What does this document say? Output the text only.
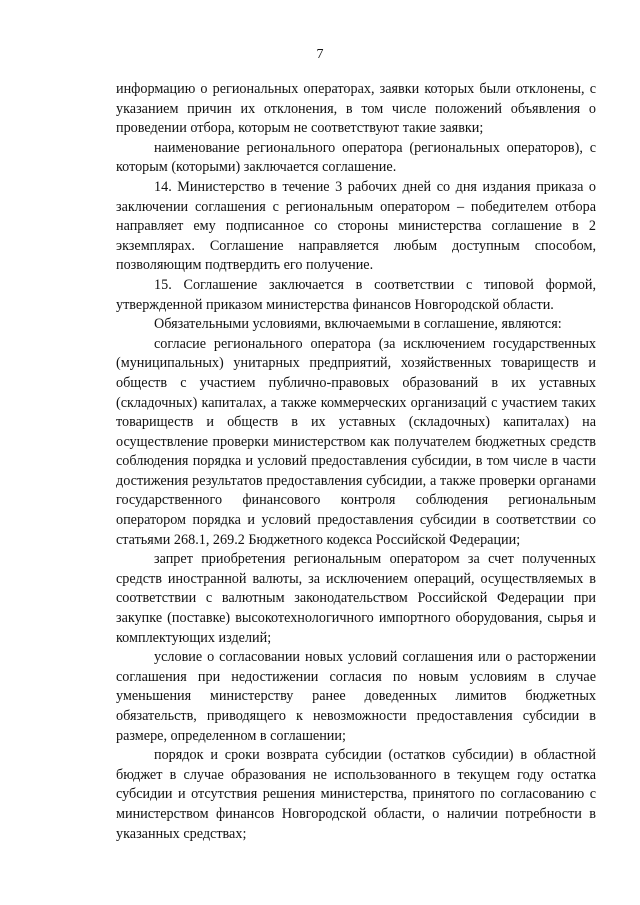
7

информацию о региональных операторах, заявки которых были отклонены, с указанием причин их отклонения, в том числе положений объявления о проведении отбора, которым не соответствуют такие заявки;

наименование регионального оператора (региональных операторов), с которым (которыми) заключается соглашение.

14. Министерство в течение 3 рабочих дней со дня издания приказа о заключении соглашения с региональным оператором – победителем отбора направляет ему подписанное со стороны министерства соглашение в 2 экземплярах. Соглашение направляется любым доступным способом, позволяющим подтвердить его получение.

15. Соглашение заключается в соответствии с типовой формой, утвержденной приказом министерства финансов Новгородской области.

Обязательными условиями, включаемыми в соглашение, являются:

согласие регионального оператора (за исключением государственных (муниципальных) унитарных предприятий, хозяйственных товариществ и обществ с участием публично-правовых образований в их уставных (складочных) капиталах, а также коммерческих организаций с участием таких товариществ и обществ в их уставных (складочных) капиталах) на осуществление проверки министерством как получателем бюджетных средств соблюдения порядка и условий предоставления субсидии, в том числе в части достижения результатов предоставления субсидии, а также проверки органами государственного финансового контроля соблюдения региональным оператором порядка и условий предоставления субсидии в соответствии со статьями 268.1, 269.2 Бюджетного кодекса Российской Федерации;

запрет приобретения региональным оператором за счет полученных средств иностранной валюты, за исключением операций, осуществляемых в соответствии с валютным законодательством Российской Федерации при закупке (поставке) высокотехнологичного импортного оборудования, сырья и комплектующих изделий;

условие о согласовании новых условий соглашения или о расторжении соглашения при недостижении согласия по новым условиям в случае уменьшения министерству ранее доведенных лимитов бюджетных обязательств, приводящего к невозможности предоставления субсидии в размере, определенном в соглашении;

порядок и сроки возврата субсидии (остатков субсидии) в областной бюджет в случае образования не использованного в текущем году остатка субсидии и отсутствия решения министерства, принятого по согласованию с министерством финансов Новгородской области, о наличии потребности в указанных средствах;
